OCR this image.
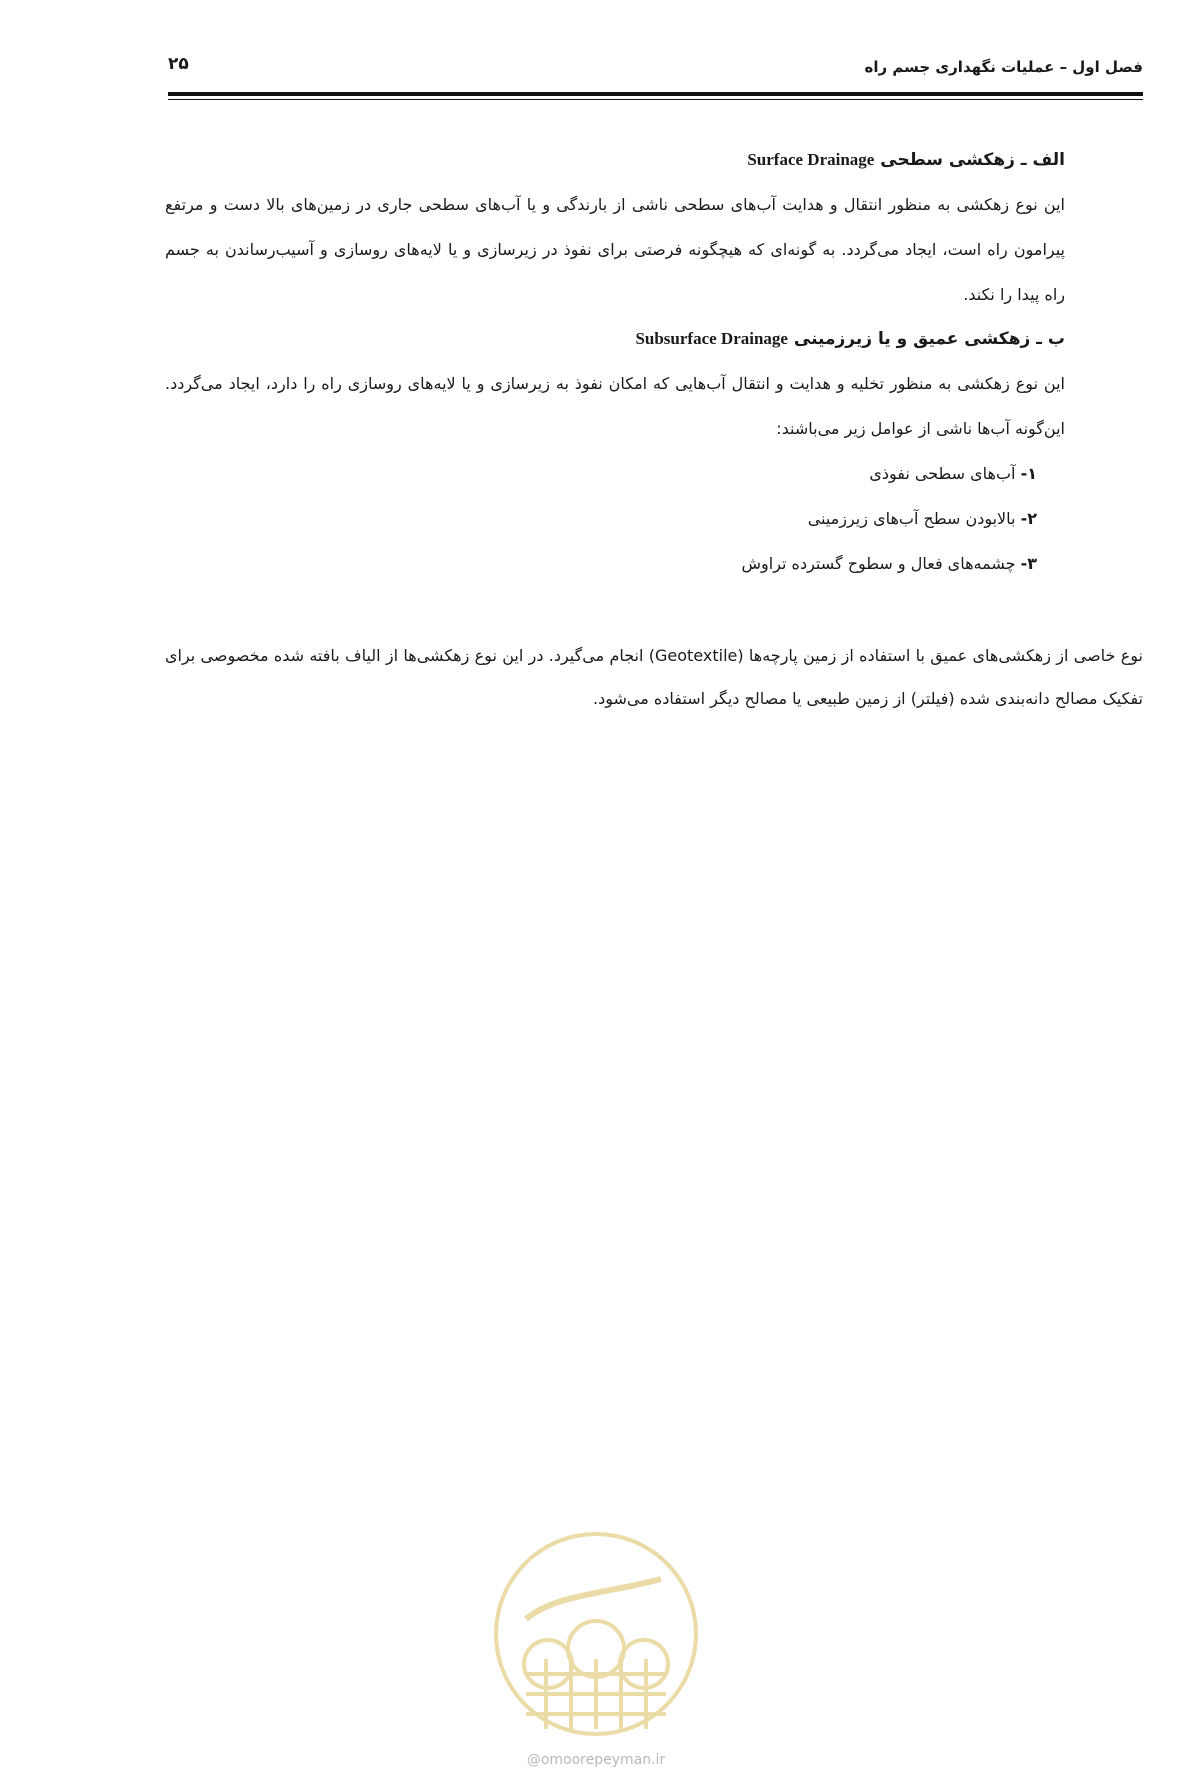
فصل اول – عملیات نگهداری جسم راه
۲۵

الف ـ زهکشی سطحی Surface Drainage

این نوع زهکشی به منظور انتقال و هدایت آب‌های سطحی ناشی از بارندگی و یا آب‌های سطحی جاری در زمین‌های بالا دست و مرتفع پیرامون راه است، ایجاد می‌گردد. به گونه‌ای که هیچگونه فرصتی برای نفوذ در زیرسازی و یا لایه‌های روسازی و آسیب‌رساندن به جسم راه پیدا را نکند.

ب ـ زهکشی عمیق و یا زیرزمینی Subsurface Drainage

این نوع زهکشی به منظور تخلیه و هدایت و انتقال آب‌هایی که امکان نفوذ به زیرسازی و یا لایه‌های روسازی راه را دارد، ایجاد می‌گردد. این‌گونه آب‌ها ناشی از عوامل زیر می‌باشند:

۱- آب‌های سطحی نفوذی
۲- بالابودن سطح آب‌های زیرزمینی
۳- چشمه‌های فعال و سطوح گسترده تراوش

نوع خاصی از زهکشی‌های عمیق با استفاده از زمین پارچه‌ها (Geotextile) انجام می‌گیرد. در این نوع زهکشی‌ها از الیاف بافته شده مخصوصی برای تفکیک مصالح دانه‌بندی شده (فیلتر) از زمین طبیعی یا مصالح دیگر استفاده می‌شود.

@omoorepeyman.ir
